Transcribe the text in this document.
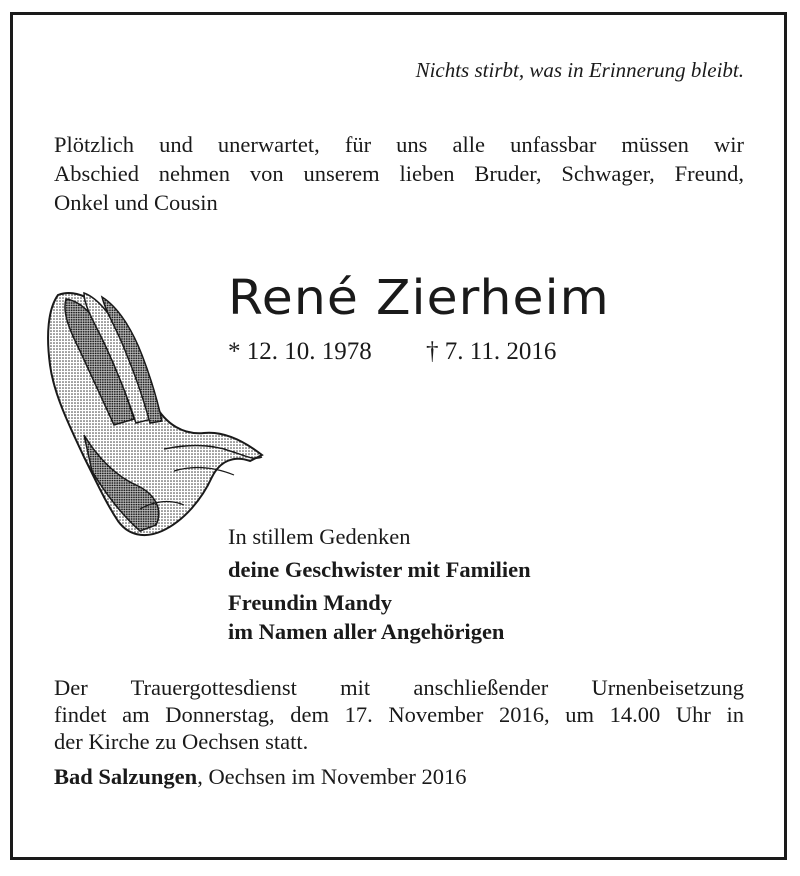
Nichts stirbt, was in Erinnerung bleibt.
Plötzlich und unerwartet, für uns alle unfassbar müssen wir
Abschied nehmen von unserem lieben Bruder, Schwager, Freund,
Onkel und Cousin
René Zierheim
* 12. 10. 1978 † 7. 11. 2016
In stillem Gedenken
deine Geschwister mit Familien
Freundin Mandy
im Namen aller Angehörigen
Der Trauergottesdienst mit anschließender Urnenbeisetzung
findet am Donnerstag, dem 17. November 2016, um 14.00 Uhr in
der Kirche zu Oechsen statt.
Bad Salzungen, Oechsen im November 2016
